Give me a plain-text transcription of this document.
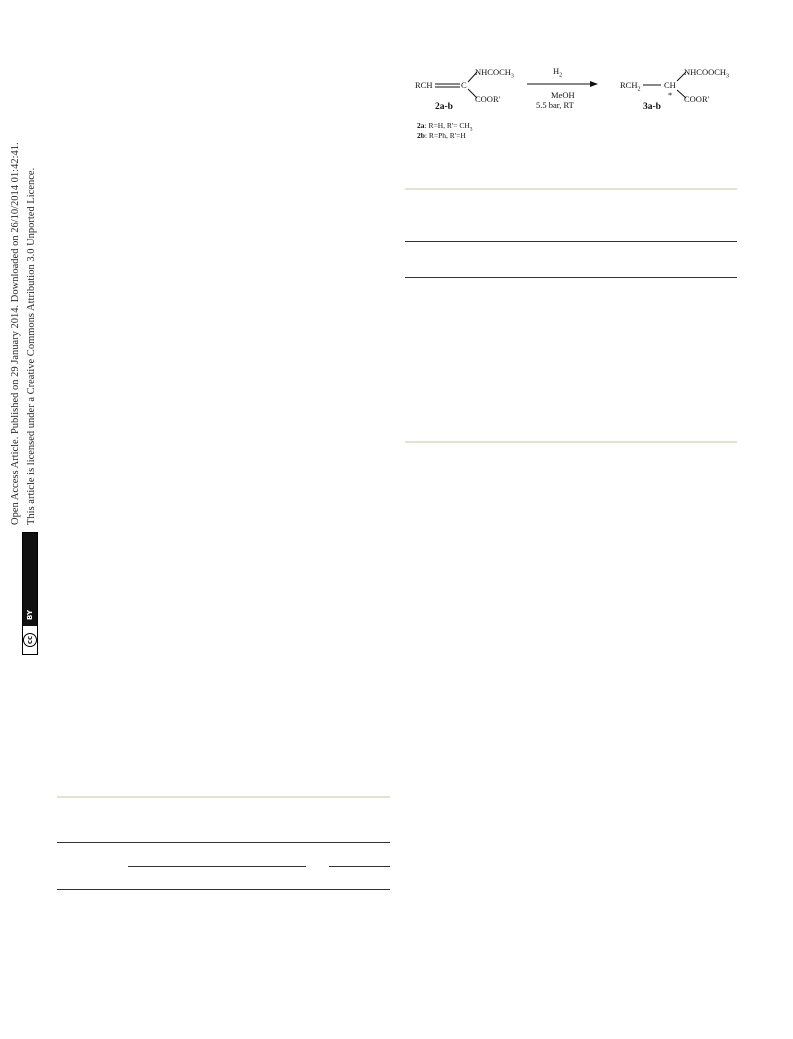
Open Access Article. Published on 29 January 2014. Downloaded on 26/10/2014 01:42:41.
cc
BY
This article is licensed under a Creative Commons Attribution 3.0 Unported Licence.
RCH	C
$NHCOCH_3$
COOR'
2a-b
2a: R=H, $R'= CH_3$
2b: R=Ph, R'=H
$H_2$
MeOH
5.5 bar, RT
$RCH_2$	CH
*
$NHCOOCH_3$
COOR'
3a-b
